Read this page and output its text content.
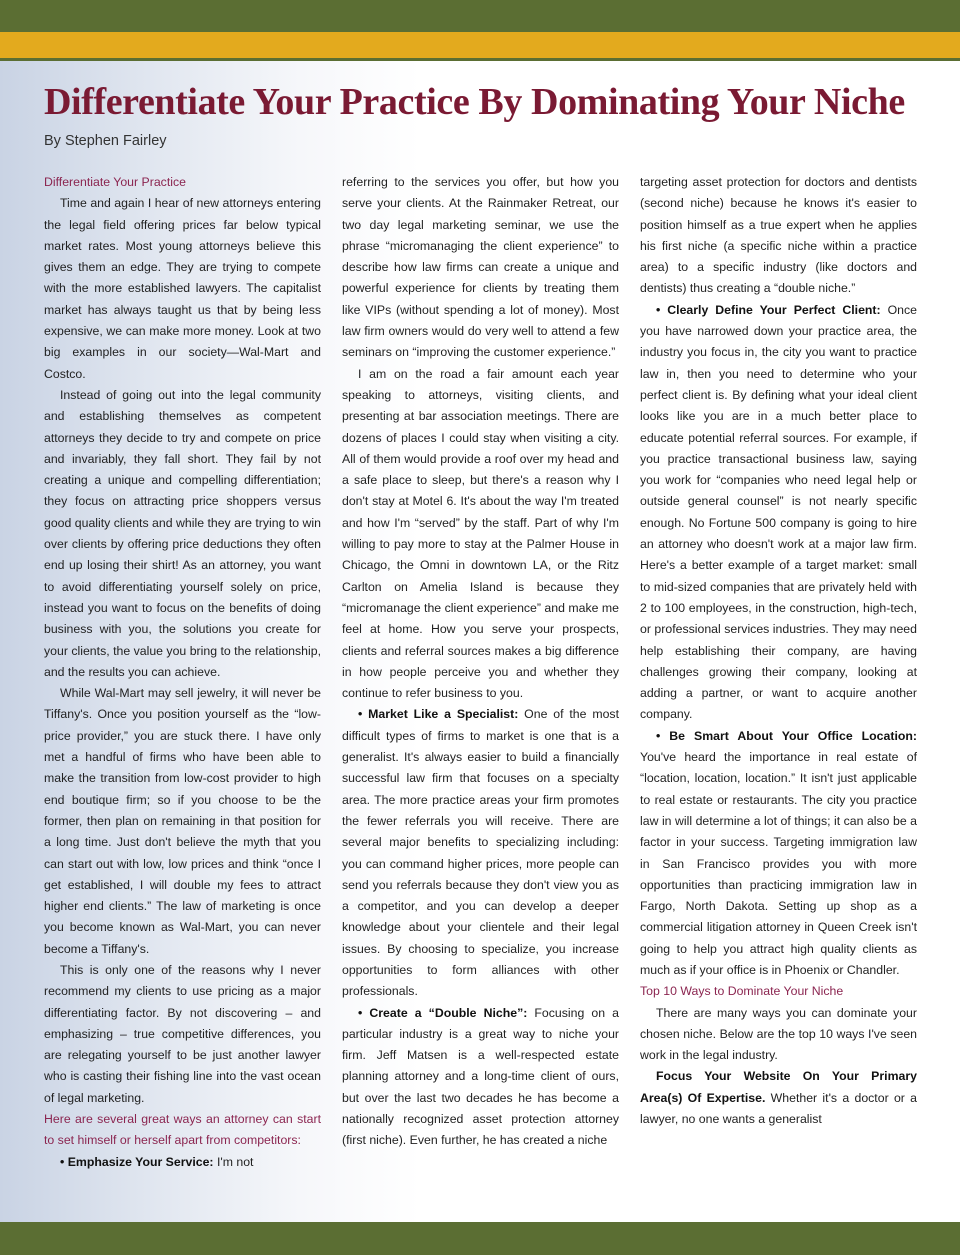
Differentiate Your Practice By Dominating Your Niche

By Stephen Fairley

Differentiate Your Practice

Time and again I hear of new attorneys entering the legal field offering prices far below typical market rates. Most young attorneys believe this gives them an edge. They are trying to compete with the more established lawyers. The capitalist market has always taught us that by being less expensive, we can make more money. Look at two big examples in our society—Wal-Mart and Costco.

Instead of going out into the legal community and establishing themselves as competent attorneys they decide to try and compete on price and invariably, they fall short. They fail by not creating a unique and compelling differentiation; they focus on attracting price shoppers versus good quality clients and while they are trying to win over clients by offering price deductions they often end up losing their shirt! As an attorney, you want to avoid differentiating yourself solely on price, instead you want to focus on the benefits of doing business with you, the solutions you create for your clients, the value you bring to the relationship, and the results you can achieve.

While Wal-Mart may sell jewelry, it will never be Tiffany's. Once you position yourself as the “low-price provider,” you are stuck there. I have only met a handful of firms who have been able to make the transition from low-cost provider to high end boutique firm; so if you choose to be the former, then plan on remaining in that position for a long time. Just don't believe the myth that you can start out with low, low prices and think “once I get established, I will double my fees to attract higher end clients.” The law of marketing is once you become known as Wal-Mart, you can never become a Tiffany's.

This is only one of the reasons why I never recommend my clients to use pricing as a major differentiating factor. By not discovering – and emphasizing – true competitive differences, you are relegating yourself to be just another lawyer who is casting their fishing line into the vast ocean of legal marketing.

Here are several great ways an attorney can start to set himself or herself apart from competitors:

• Emphasize Your Service: I'm not

referring to the services you offer, but how you serve your clients. At the Rainmaker Retreat, our two day legal marketing seminar, we use the phrase “micromanaging the client experience” to describe how law firms can create a unique and powerful experience for clients by treating them like VIPs (without spending a lot of money). Most law firm owners would do very well to attend a few seminars on “improving the customer experience.”

I am on the road a fair amount each year speaking to attorneys, visiting clients, and presenting at bar association meetings. There are dozens of places I could stay when visiting a city. All of them would provide a roof over my head and a safe place to sleep, but there's a reason why I don't stay at Motel 6. It's about the way I'm treated and how I'm “served” by the staff. Part of why I'm willing to pay more to stay at the Palmer House in Chicago, the Omni in downtown LA, or the Ritz Carlton on Amelia Island is because they “micromanage the client experience” and make me feel at home. How you serve your prospects, clients and referral sources makes a big difference in how people perceive you and whether they continue to refer business to you.

• Market Like a Specialist: One of the most difficult types of firms to market is one that is a generalist. It's always easier to build a financially successful law firm that focuses on a specialty area. The more practice areas your firm promotes the fewer referrals you will receive. There are several major benefits to specializing including: you can command higher prices, more people can send you referrals because they don't view you as a competitor, and you can develop a deeper knowledge about your clientele and their legal issues. By choosing to specialize, you increase opportunities to form alliances with other professionals.

• Create a “Double Niche”: Focusing on a particular industry is a great way to niche your firm. Jeff Matsen is a well-respected estate planning attorney and a long-time client of ours, but over the last two decades he has become a nationally recognized asset protection attorney (first niche). Even further, he has created a niche

targeting asset protection for doctors and dentists (second niche) because he knows it's easier to position himself as a true expert when he applies his first niche (a specific niche within a practice area) to a specific industry (like doctors and dentists) thus creating a “double niche.”

• Clearly Define Your Perfect Client: Once you have narrowed down your practice area, the industry you focus in, the city you want to practice law in, then you need to determine who your perfect client is. By defining what your ideal client looks like you are in a much better place to educate potential referral sources. For example, if you practice transactional business law, saying you work for “companies who need legal help or outside general counsel” is not nearly specific enough. No Fortune 500 company is going to hire an attorney who doesn't work at a major law firm. Here's a better example of a target market: small to mid-sized companies that are privately held with 2 to 100 employees, in the construction, high-tech, or professional services industries. They may need help establishing their company, are having challenges growing their company, looking at adding a partner, or want to acquire another company.

• Be Smart About Your Office Location: You've heard the importance in real estate of “location, location, location.” It isn't just applicable to real estate or restaurants. The city you practice law in will determine a lot of things; it can also be a factor in your success. Targeting immigration law in San Francisco provides you with more opportunities than practicing immigration law in Fargo, North Dakota. Setting up shop as a commercial litigation attorney in Queen Creek isn't going to help you attract high quality clients as much as if your office is in Phoenix or Chandler.

Top 10 Ways to Dominate Your Niche

There are many ways you can dominate your chosen niche. Below are the top 10 ways I've seen work in the legal industry.

Focus Your Website On Your Primary Area(s) Of Expertise. Whether it's a doctor or a lawyer, no one wants a generalist
